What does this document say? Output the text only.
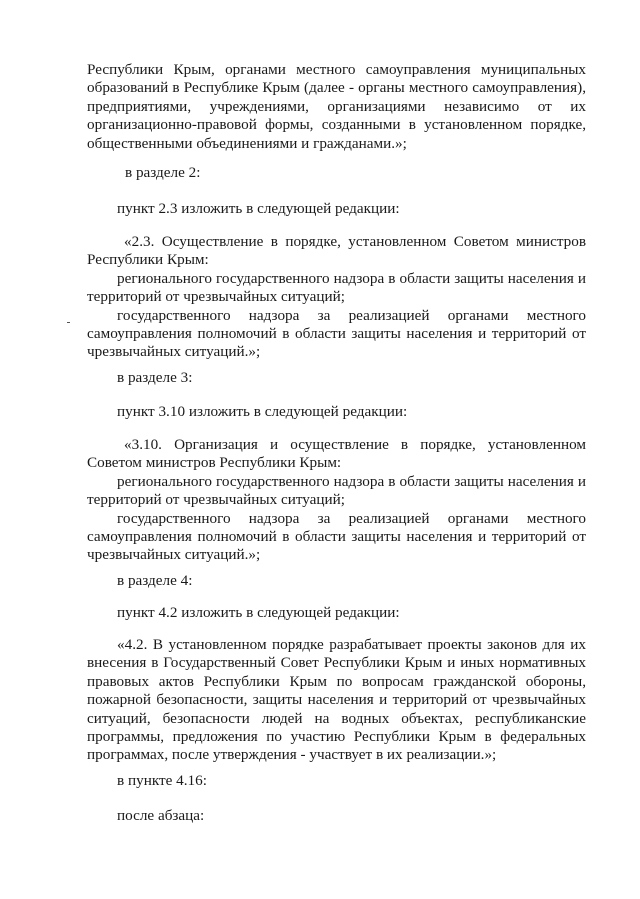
Республики Крым, органами местного самоуправления муниципальных
образований в Республике Крым (далее - органы местного самоуправления),
предприятиями, учреждениями, организациями независимо от их
организационно-правовой формы, созданными в установленном порядке,
общественными объединениями и гражданами.»;

в разделе 2:
пункт 2.3 изложить в следующей редакции:

«2.3. Осуществление в порядке, установленном Советом министров
Республики Крым:
регионального государственного надзора в области защиты населения и
территорий от чрезвычайных ситуаций;
государственного надзора за реализацией органами местного
самоуправления полномочий в области защиты населения и территорий от
чрезвычайных ситуаций.»;

в разделе 3:
пункт 3.10 изложить в следующей редакции:

«3.10. Организация и осуществление в порядке, установленном
Советом министров Республики Крым:
регионального государственного надзора в области защиты населения и
территорий от чрезвычайных ситуаций;
государственного надзора за реализацией органами местного
самоуправления полномочий в области защиты населения и территорий от
чрезвычайных ситуаций.»;

в разделе 4:
пункт 4.2 изложить в следующей редакции:

«4.2. В установленном порядке разрабатывает проекты законов для их
внесения в Государственный Совет Республики Крым и иных нормативных
правовых актов Республики Крым по вопросам гражданской обороны,
пожарной безопасности, защиты населения и территорий от чрезвычайных
ситуаций, безопасности людей на водных объектах, республиканские
программы, предложения по участию Республики Крым в федеральных
программах, после утверждения - участвует в их реализации.»;

в пункте 4.16:
после абзаца:
